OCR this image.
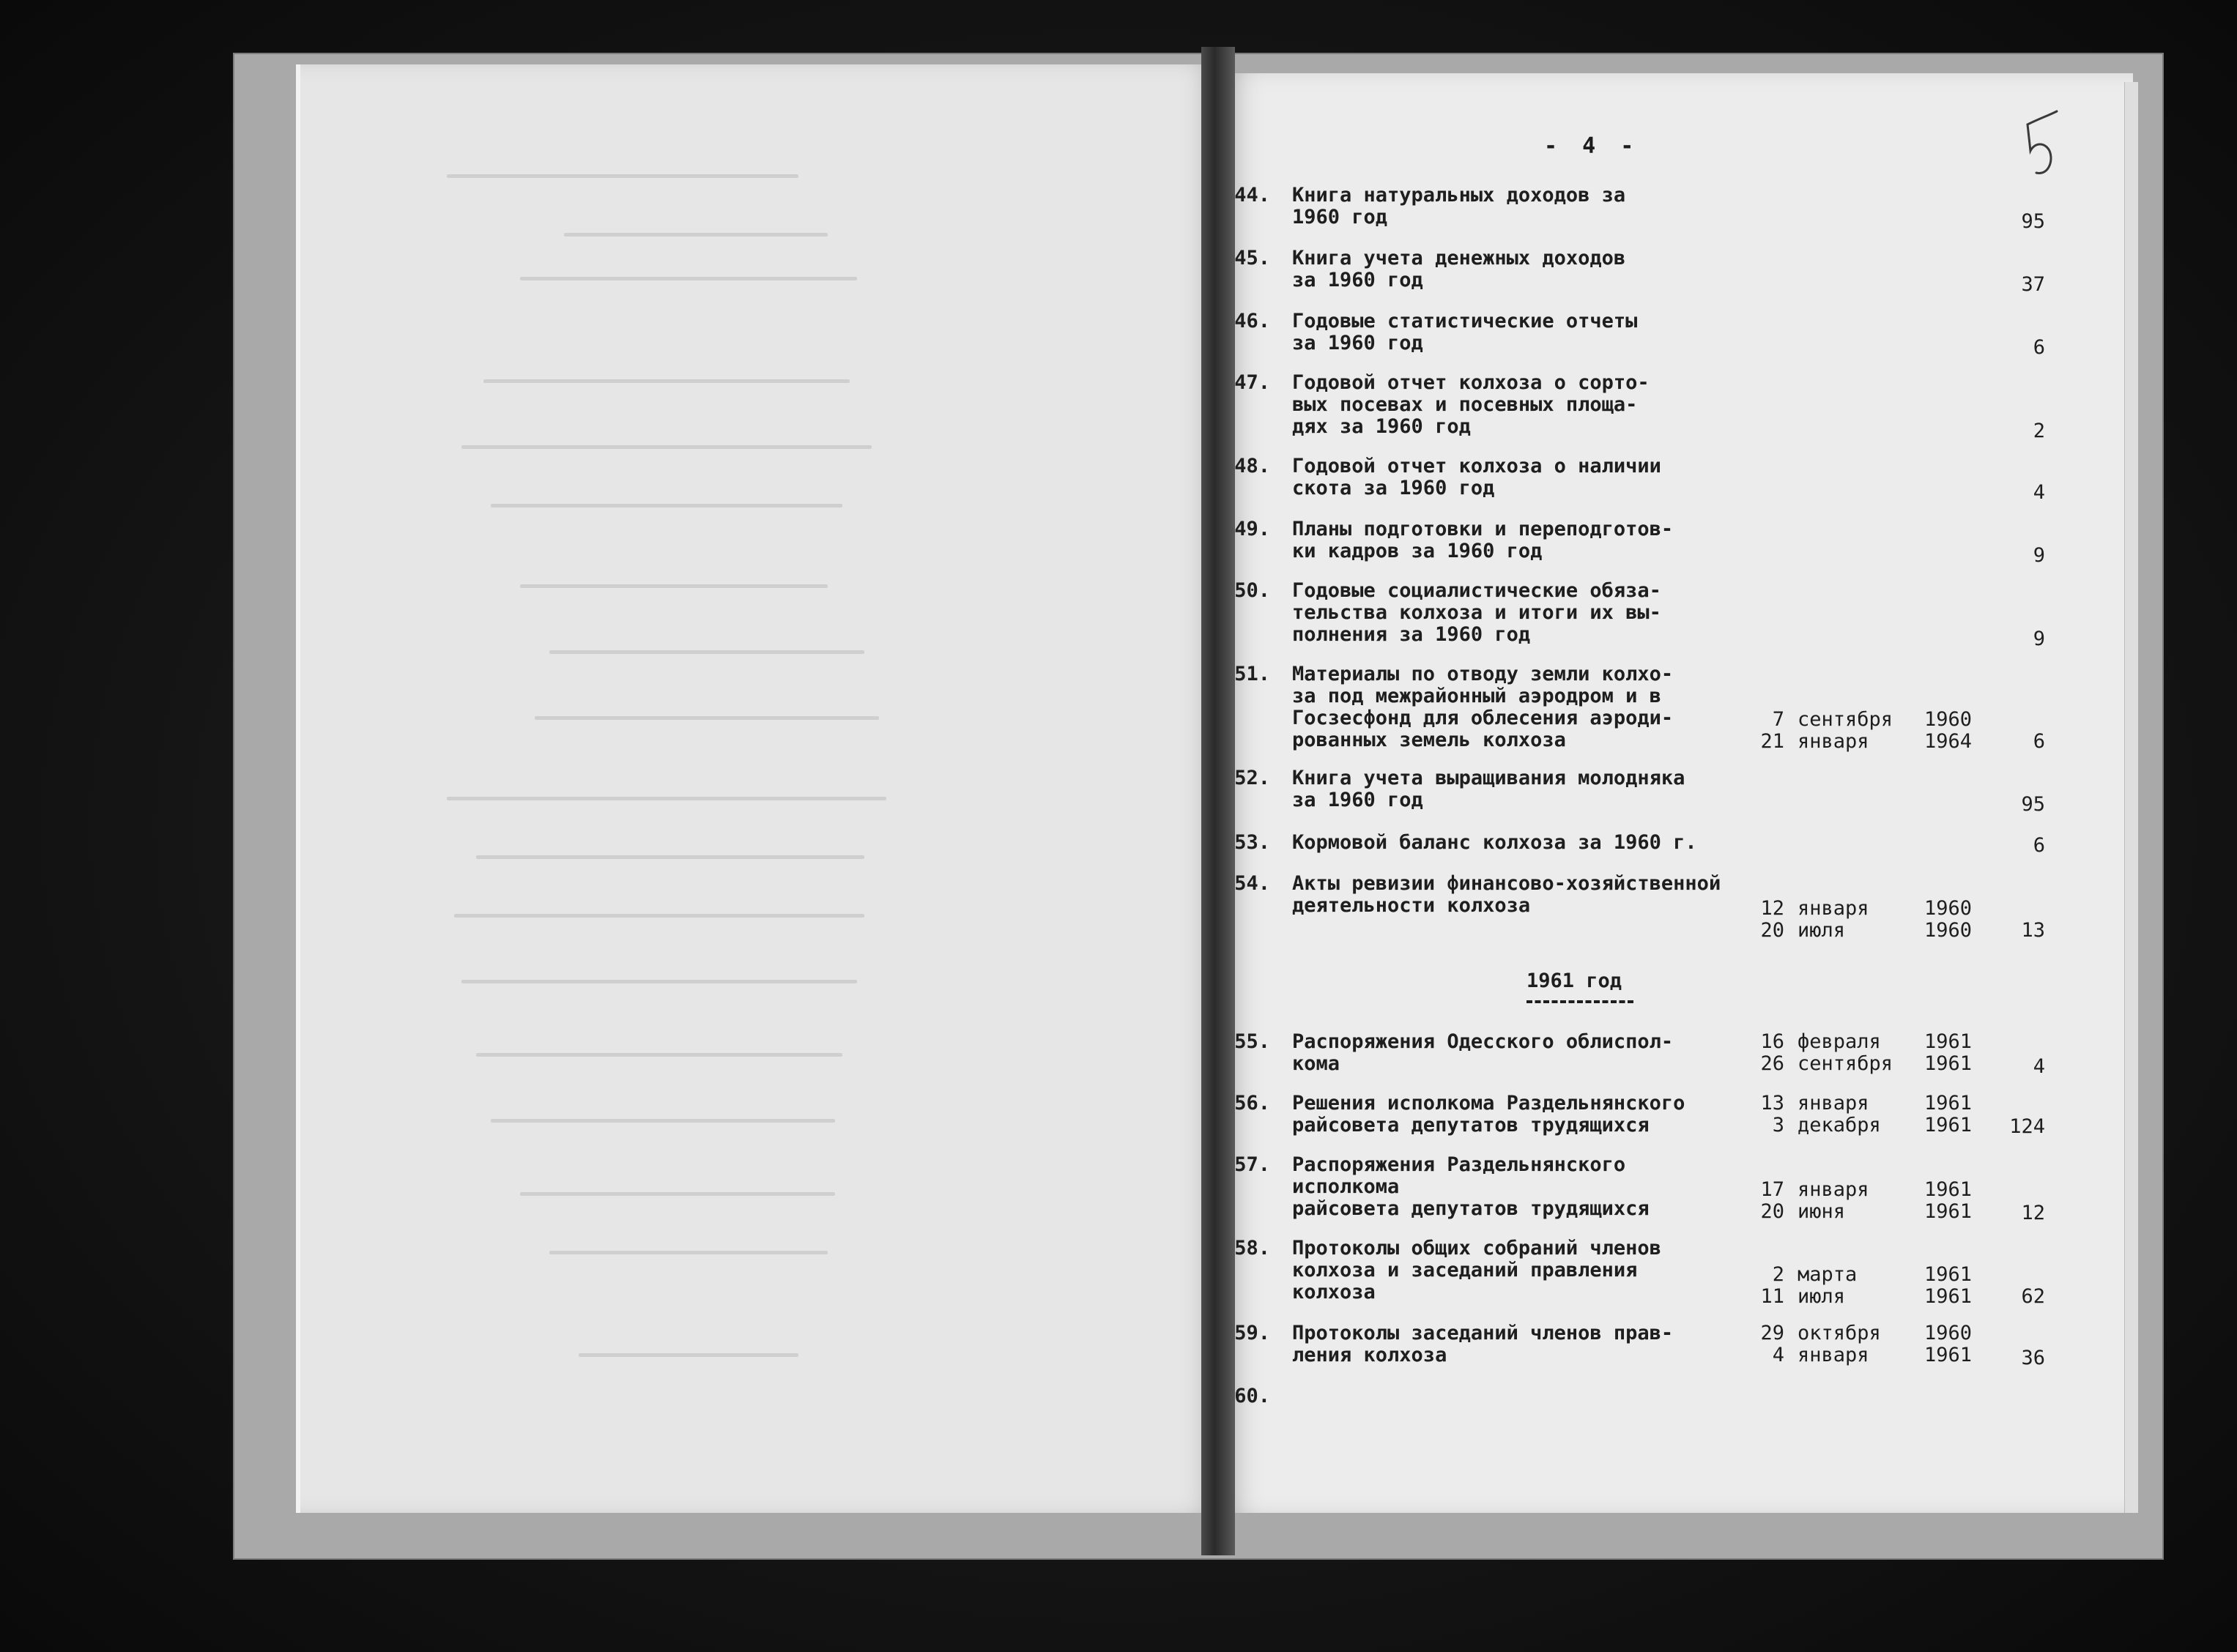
- 4 -
44. Книга натуральных доходов за
1960 год	95
45. Книга учета денежных доходов
за 1960 год	37
46. Годовые статистические отчеты
за 1960 год	6
47. Годовой отчет колхоза о сорто-
вых посевах и посевных площа-
дях за 1960 год	2
48. Годовой отчет колхоза о наличии
скота за 1960 год	4
49. Планы подготовки и переподготов-
ки кадров за 1960 год	9
50. Годовые социалистические обяза-
тельства колхоза и итоги их вы-
полнения за 1960 год	9
51. Материалы по отводу земли колхо-
за под межрайонный аэродром и в
Госзесфонд для облесения аэроди-
рованных земель колхоза
7 сентября	1960
21 января	1964	6
52. Книга учета выращивания молодняка
за 1960 год	95
53. Кормовой баланс колхоза за 1960 г.	6
54. Акты ревизии финансово-хозяйственной
деятельности колхоза	12 января	1960
20 июля	1960	13
1961 год
55. Распоряжения Одесского облиспол-
кома
16 февраля	1961
26 сентября	1961	4
56. Решения исполкома Раздельнянского
райсовета депутатов трудящихся
13 января	1961
3 декабря	1961	124
57. Распоряжения Раздельнянского исполкома
райсовета депутатов трудящихся
17 января	1961
20 июня	1961	12
58. Протоколы общих собраний членов
колхоза и заседаний правления
колхоза
2 марта	1961
11 июля	1961	62
59. Протоколы заседаний членов прав-
ления колхоза
29 октября	1960
4 января	1961	36
60.
